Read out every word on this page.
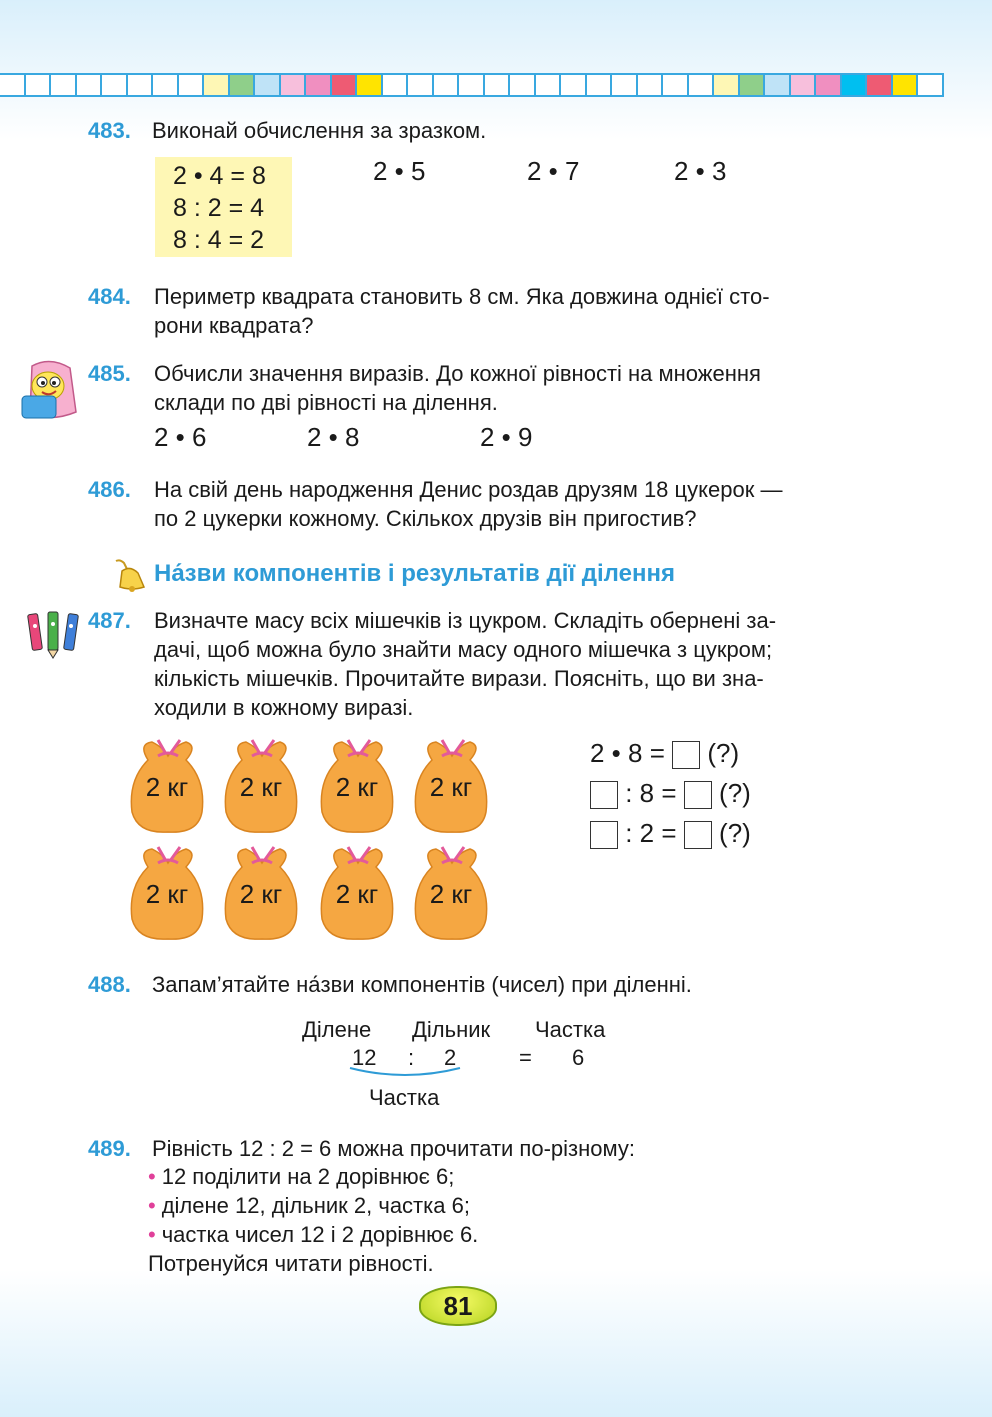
483. Виконай обчислення за зразком.
2 • 4 = 8
8 : 2 = 4
8 : 4 = 2
2 • 5	2 • 7	2 • 3
484.	Периметр квадрата становить 8 см. Яка довжина однієї сто-
рони квадрата?
485.	Обчисли значення виразів. До кожної рівності на множення
склади по дві рівності на ділення.
2 • 6	2 • 8	2 • 9
486.	На свій день народження Денис роздав друзям 18 цукерок —
по 2 цукерки кожному. Скількох друзів він пригостив?
На́зви компонентів і результатів дії ділення
487.	Визначте масу всіх мішечків із цукром. Складіть обернені за-
дачі, щоб можна було знайти масу одного мішечка з цукром;
кількість мішечків. Прочитайте вирази. Поясніть, що ви зна-
ходили в кожному виразі.
2 кг	2 кг	2 кг	2 кг
2 кг	2 кг	2 кг	2 кг
2 • 8 = (?)
: 8 = (?)
: 2 = (?)
488. Запам’ятайте на́зви компонентів (чисел) при діленні.
Ділене Дільник Частка
12 : 2	= 6
Частка
489. Рівність 12 : 2 = 6 можна прочитати по-різному:
• 12 поділити на 2 дорівнює 6;
• ділене 12, дільник 2, частка 6;
• частка чисел 12 і 2 дорівнює 6.
Потренуйся читати рівності.
81
